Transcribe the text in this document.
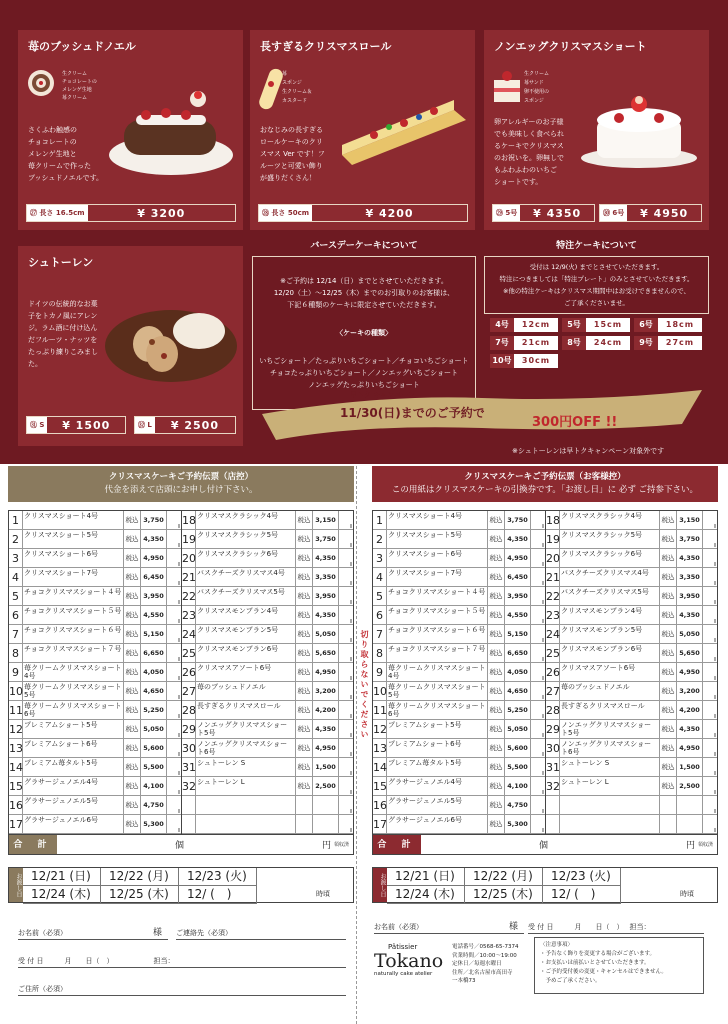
苺のブッシュドノエル
生クリーム
チョコレートの
メレンゲ生地
苺クリーム
さくふわ触感の
チョコレートの
メレンゲ生地と
苺クリームで作った
ブッシュドノエルです。
㉗ 長さ 16.5cm	¥ 3200
長すぎるクリスマスロール
苺
スポンジ
生クリーム＆
カスタード
おなじみの長すぎる
ロールケーキのクリ
スマス Ver です！フ
ルーツと可愛い飾り
が盛りだくさん！
㉘ 長さ 50cm	¥ 4200
ノンエッグクリスマスショート
生クリーム
苺サンド
卵不使用の
スポンジ
卵アレルギーのお子様
でも美味しく食べられ
るケーキでクリスマス
のお祝いを。卵無しで
もふわふわのいちご
ショートです。
㉙ 5号	¥ 4350	㉚ 6号	¥ 4950
シュトーレン
ドイツの伝統的なお菓
子をトカノ風にアレン
ジ。ラム酒に付け込ん
だフルーツ・ナッツを
たっぷり練りこみまし
た。
㉛ S	¥ 1500	㉜ L	¥ 2500
バースデーケーキについて

※ご予約は 12/14（日）までとさせていただきます。
12/20（土）～12/25（木）までのお引取りのお客様は、
下記６種類のケーキに限定させていただきます。

〈ケーキの種類〉

いちごショート／たっぷりいちごショート／チョコいちごショート
チョコたっぷりいちごショート／ノンエッグいちごショート
ノンエッグたっぷりいちごショート

特注ケーキについて
受付は 12/9(火) までとさせていただきます。
特注につきましては「特注プレート」のみとさせていただきます。
※他の特注ケーキはクリスマス期間中はお受けできませんので、
ご了承くださいませ。
4号	12cm	5号	15cm	6号	18cm
7号	21cm	8号	24cm	9号	27cm
10号	30cm
早トク キャンペーン
11/30(日)までのご予約で
300円OFF !!
※シュトーレンは早トクキャンペーン対象外です
クリスマスケーキご予約伝票（店控）
代金を添えて店頭にお申し付け下さい。
1 クリスマスショート4号	税込 3,750
2 クリスマスショート5号	税込 4,350
3 クリスマスショート6号	税込 4,950
4 クリスマスショート7号	税込 6,450
5 チョコクリスマスショート４号 税込 3,950
6 チョコクリスマスショート５号 税込 4,550
7 チョコクリスマスショート６号 税込 5,150
8 チョコクリスマスショート７号 税込 6,650
9 苺クリームクリスマスショート4号	税込 4,050
10 苺クリームクリスマスショート5号	税込 4,650
11 苺クリームクリスマスショート6号	税込 5,250
12 プレミアムショート5号	税込 5,050
13 プレミアムショート6号	税込 5,600
14 プレミアム苺タルト5号	税込 5,500
15 グラサージュノエル4号	税込 4,100
16 グラサージュノエル5号	税込 4,750
17 グラサージュノエル6号	税込 5,300
18 クリスマスクラシック4号	税込 3,150
19 クリスマスクラシック5号	税込 3,750
20 クリスマスクラシック6号	税込 4,350
21 バスクチーズクリスマス4号	税込 3,350
22 バスクチーズクリスマス5号	税込 3,950
23 クリスマスモンブラン4号	税込 4,350
24 クリスマスモンブラン5号	税込 5,050
25 クリスマスモンブラン6号	税込 5,650
26 クリスマスアソート6号	税込 4,950
27 苺のブッシュドノエル	税込 3,200
28 長すぎるクリスマスロール	税込 4,200
29 ノンエッグクリスマスショート5号	税込 4,350
30 ノンエッグクリスマスショート6号	税込 4,950
31 シュトーレン S	税込 1,500
32 シュトーレン L	税込 2,500
合 計	個	円 領収済
お渡し日 12/21 (日)	12/22 (月)	12/23 (火)
12/24 (木)	12/25 (木)	12/ (　)	時頃
クリスマスケーキご予約伝票（お客様控）
この用紙はクリスマスケーキの引換券です。「お渡し日」に 必ず ご持参下さい。
1 クリスマスショート4号	税込 3,750
2 クリスマスショート5号	税込 4,350
3 クリスマスショート6号	税込 4,950
4 クリスマスショート7号	税込 6,450
5 チョコクリスマスショート４号 税込 3,950
6 チョコクリスマスショート５号 税込 4,550
7 チョコクリスマスショート６号 税込 5,150
8 チョコクリスマスショート７号 税込 6,650
9 苺クリームクリスマスショート4号	税込 4,050
10 苺クリームクリスマスショート5号	税込 4,650
11 苺クリームクリスマスショート6号	税込 5,250
12 プレミアムショート5号	税込 5,050
13 プレミアムショート6号	税込 5,600
14 プレミアム苺タルト5号	税込 5,500
15 グラサージュノエル4号	税込 4,100
16 グラサージュノエル5号	税込 4,750
17 グラサージュノエル6号	税込 5,300
18 クリスマスクラシック4号	税込 3,150
19 クリスマスクラシック5号	税込 3,750
20 クリスマスクラシック6号	税込 4,350
21 バスクチーズクリスマス4号	税込 3,350
22 バスクチーズクリスマス5号	税込 3,950
23 クリスマスモンブラン4号	税込 4,350
24 クリスマスモンブラン5号	税込 5,050
25 クリスマスモンブラン6号	税込 5,650
26 クリスマスアソート6号	税込 4,950
27 苺のブッシュドノエル	税込 3,200
28 長すぎるクリスマスロール	税込 4,200
29 ノンエッグクリスマスショート5号	税込 4,350
30 ノンエッグクリスマスショート6号	税込 4,950
31 シュトーレン S	税込 1,500
32 シュトーレン L	税込 2,500
合 計	個	円 領収済
お渡し日 12/21 (日)	12/22 (月)	12/23 (火)
12/24 (木)	12/25 (木)	12/ (　)	時頃
切り取らないでください
お名前（必須）	様 ご連絡先（必須）
受 付 日　　　月　　日（　）	担当：
ご住所（必須）
お名前（必須）	様 受 付 日　　　月　　日（　） 担当：
Pâtissier
Tokano
naturally cake atelier
電話番号／0568-65-7374
営業時間／10:00～19:00
定休日／毎週水曜日
住所／北名古屋市高田寺
一本橋73
〈注意事項〉
・予告なく飾りを変更する場合がございます。
・お支払いは前払いとさせていただきます。
・ご予約受付後の変更・キャンセルはできません。
　予めご了承ください。
